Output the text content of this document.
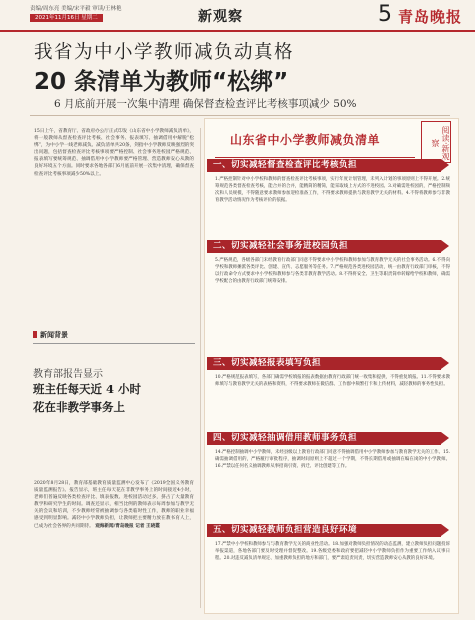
责编/周东亮 美编/宋平毅 审读/王林艳
2021年11月16日 星期二	新观察	5 青岛晚报
我省为中小学教师减负动真格
20 条清单为教师“松绑”
6 月底前开展一次集中清理 确保督查检查评比考核事项减少 50%
15日上午，省教育厅、省政府办公厅正式印发《山东省中小学教师减负清单》，将一般教师从督查检查评比考核、社会事务、报表填写、抽调借用中解脱“松绑”，为中小学一线老师减负。减负清单共20条，剑指中小学教师反映强烈的突出问题，包括督查检查评比考核事项要严格控制、社会事务进校园严格规范、报表填写要统筹规范、抽调借用中小学教师要严格管理、营造教师安心从教的良好环境五个方面。同时要求各地各部门6月底前开展一次集中清理，确保督查检查评比考核事项减少50%以上。
新闻背景
教育部报告显示
班主任每天近 4 小时
花在非教学事务上
2020年8月28日，教育部基础教育质量监测中心发布了《2019全国义务教育质量监测报告》。报告显示，班主任每天花在非教学事务上的时间接近4小时，老师们普遍反映各类检查评比、填表报数、进校园活动过多，挤占了大量教育教学和研究学生的时间。调查还显示，相当比例的教师表示每周参加与教学无关的会议和培训，不少教师经常被抽调参与各类临时性工作，教师的职业幸福感受到明显影响。减轻中小学教师负担，让教师把主要精力放在教书育人上，已成为社会各界的共同期待。 观海新闻/青岛晚报 记者 王晓霞
山东省中小学教师减负清单	阅读·新观察
一、切实减轻督查检查评比考核负担
1.严格控制针对中小学校和教师的督查检查评比考核事项，实行年度计划管理，未列入计划的事项原则上不得开展。2.统筹规范各类督查检查考核，能合并的合并，能精简的精简，能采取线上方式的不进校园。3.对确需进校园的，严格控制频次和人员规模，不得随意要求教师参加迎检准备工作，不得要求教师提供与教育教学无关的材料。4.不得将教师参与非教育教学活动情况作为考核评价的依据。
二、切实减轻社会事务进校园负担
5.严格规范，各级各部门未经教育行政部门同意不得要求中小学校和教师参加与教育教学无关的社会事务活动。6.不得向学校和教师摊派各类评比、创建、宣传、志愿服务等任务。7.严格规范各类进校园活动，统一由教育行政部门审核，不得以行政命令方式要求中小学校和教师参与各类非教育教学活动。8.不得将安全、卫生等职责简单转嫁给学校和教师，确需学校配合的由教育行政部门统筹安排。
三、切实减轻报表填写负担
10.严格规范报表填写，各部门确需学校填报的报表数据由教育行政部门统一收集和提供，不得重复填报。11.不得要求教师填写与教育教学无关的表格和资料，不得要求教师在微信群、工作群中频繁打卡和上传材料，减轻教师的事务性负担。
四、切实减轻抽调借用教师事务负担
14.严格控制抽调中小学教师，未经县级以上教育行政部门同意不得抽调借用中小学教师参加与教育教学无关的工作。15.确需抽调借用的，严格履行审批程序，抽调时间原则上不超过一个学期，不得长期借用或抽调在编在岗的中小学教师。16.严禁以任何名义抽调教师从事招商引资、拆迁、评比创建等工作。
五、切实减轻教师负担营造良好环境
17.严禁中小学校和教师参与与教育教学无关的商业性活动。18.加强对教师负担情况的动态监测，建立教师负担问题投诉举报渠道，各地各部门要及时受理并督促整改。19.各级党委和政府要把减轻中小学教师负担作为重要工作纳入议事日程。20.对违反减负清单规定、加重教师负担的地方和部门，要严肃追责问责，切实营造教师安心从教的良好环境。
